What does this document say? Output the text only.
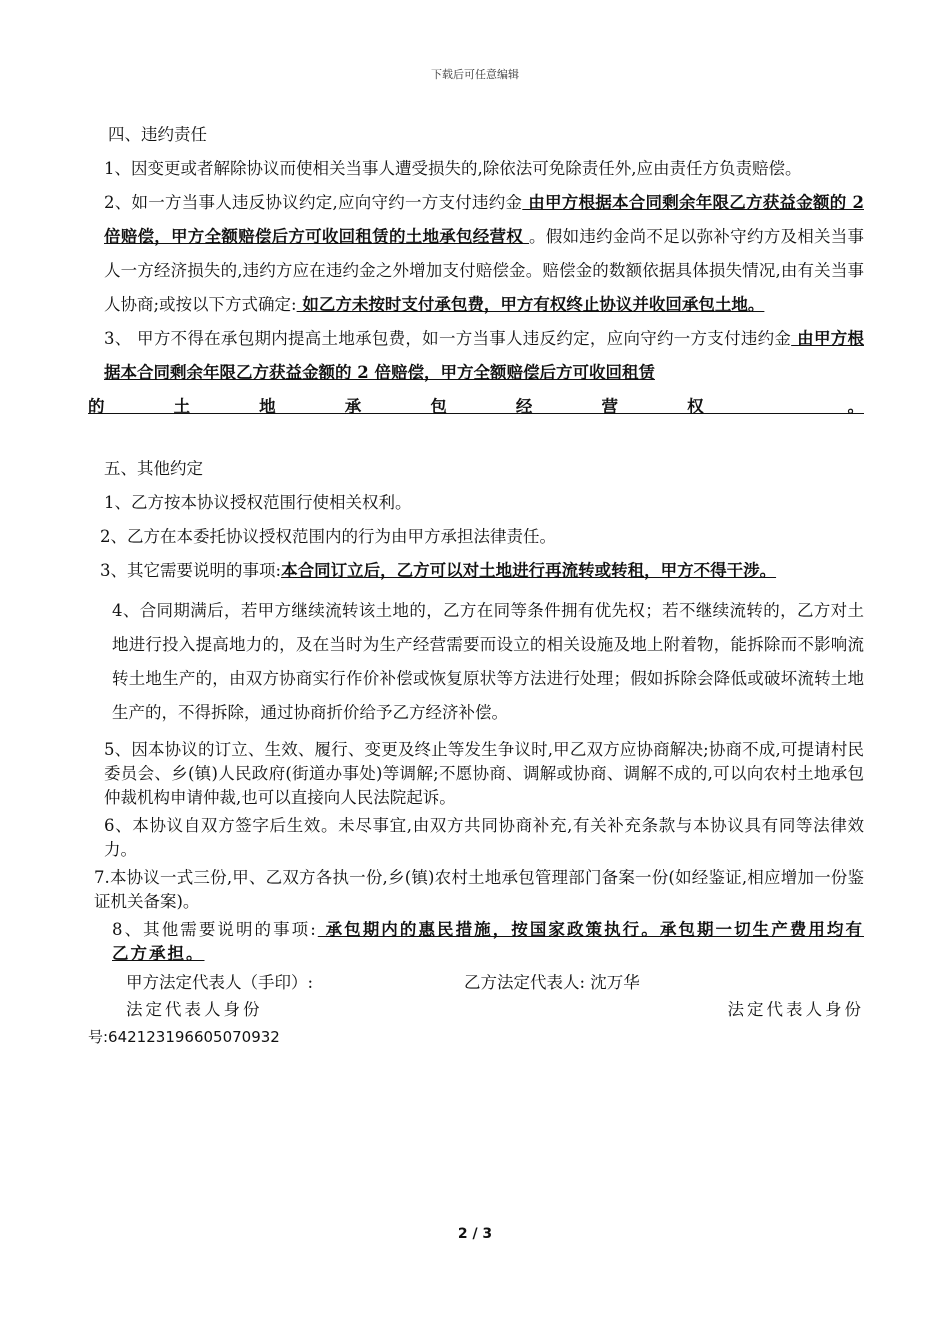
下载后可任意编辑

四、违约责任

1、因变更或者解除协议而使相关当事人遭受损失的,除依法可免除责任外,应由责任方负责赔偿。

2、如一方当事人违反协议约定,应向守约一方支付违约金 由甲方根据本合同剩余年限乙方获益金额的 2 倍赔偿，甲方全额赔偿后方可收回租赁的土地承包经营权 。假如违约金尚不足以弥补守约方及相关当事人一方经济损失的,违约方应在违约金之外增加支付赔偿金。赔偿金的数额依据具体损失情况,由有关当事人协商;或按以下方式确定: 如乙方未按时支付承包费，甲方有权终止协议并收回承包土地。

3、 甲方不得在承包期内提高土地承包费，如一方当事人违反约定，应向守约一方支付违约金 由甲方根据本合同剩余年限乙方获益金额的 2 倍赔偿，甲方全额赔偿后方可收回租赁

的土地承包经营权 。

五、其他约定

1、乙方按本协议授权范围行使相关权利。

2、乙方在本委托协议授权范围内的行为由甲方承担法律责任。

3、其它需要说明的事项:本合同订立后，乙方可以对土地进行再流转或转租，甲方不得干涉。

4、合同期满后，若甲方继续流转该土地的，乙方在同等条件拥有优先权；若不继续流转的，乙方对土地进行投入提高地力的，及在当时为生产经营需要而设立的相关设施及地上附着物，能拆除而不影响流转土地生产的，由双方协商实行作价补偿或恢复原状等方法进行处理；假如拆除会降低或破坏流转土地生产的，不得拆除，通过协商折价给予乙方经济补偿。

5、因本协议的订立、生效、履行、变更及终止等发生争议时,甲乙双方应协商解决;协商不成,可提请村民委员会、乡(镇)人民政府(街道办事处)等调解;不愿协商、调解或协商、调解不成的,可以向农村土地承包仲裁机构申请仲裁,也可以直接向人民法院起诉。

6、本协议自双方签字后生效。未尽事宜,由双方共同协商补充,有关补充条款与本协议具有同等法律效力。

7.本协议一式三份,甲、乙双方各执一份,乡(镇)农村土地承包管理部门备案一份(如经鉴证,相应增加一份鉴证机关备案)。

8、其他需要说明的事项: 承包期内的惠民措施，按国家政策执行。承包期一切生产费用均有乙方承担。

甲方法定代表人（手印）:	乙方法定代表人: 沈万华
法定代表人身份	法定代表人身份
号:642123196605070932
2 / 3
